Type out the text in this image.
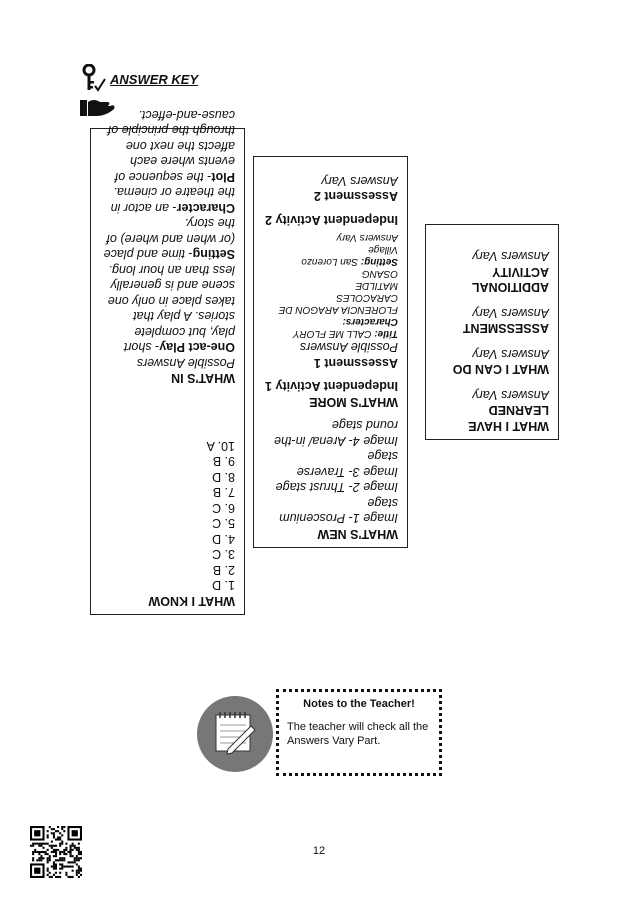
ANSWER KEY

WHAT I KNOW

1. D

2. B

3. C

4. D

5. C

6. C

7. B

8. D

9. B

10. A

WHAT'S IN

Possible Answers

One-act Play- short

play, but complete

stories. A play that

takes place in only one

scene and is generally

less than an hour long.

Setting- time and place

(or when and where) of

the story.

Character- an actor in

the theatre or cinema.

Plot- the sequence of

events where each

affects the next one

through the principle of

cause-and-effect.

WHAT'S NEW

Image 1- Proscenium

stage

Image 2- Thrust stage

Image 3- Traverse

stage

Image 4- Arena/ in-the

round stage

WHAT'S MORE

Independent Activity 1

Assessment 1

Possible Answers

Title: CALL ME FLORY

Characters:

FLORENCIA ARAGON DE

CARACOLES

MATILDE

OSANG

Setting: San Lorenzo

Village

Answers Vary

Independent Activity 2

Assessment 2

Answers Vary

WHAT I HAVE

LEARNED

Answers Vary

WHAT I CAN DO

Answers Vary

ASSESSMENT

Answers Vary

ADDITIONAL

ACTIVITY

Answers Vary

Notes to the Teacher!
The teacher will check all the Answers Vary Part.
12
